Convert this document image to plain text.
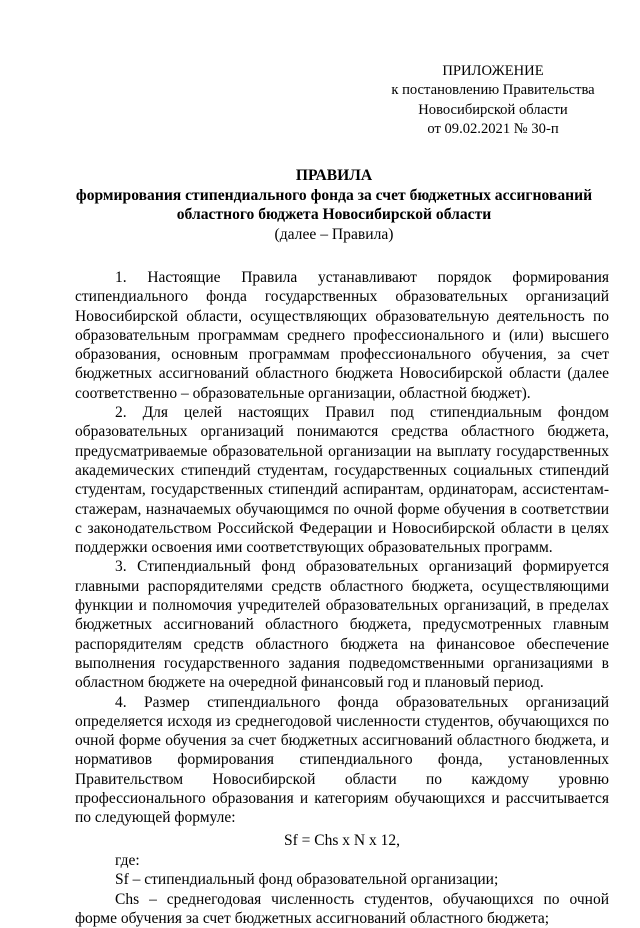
ПРИЛОЖЕНИЕ
к постановлению Правительства
Новосибирской области
от 09.02.2021 № 30-п
ПРАВИЛА
формирования стипендиального фонда за счет бюджетных ассигнований
областного бюджета Новосибирской области
(далее – Правила)

1. Настоящие Правила устанавливают порядок формирования стипендиального фонда государственных образовательных организаций Новосибирской области, осуществляющих образовательную деятельность по образовательным программам среднего профессионального и (или) высшего образования, основным программам профессионального обучения, за счет бюджетных ассигнований областного бюджета Новосибирской области (далее соответственно – образовательные организации, областной бюджет).

2. Для целей настоящих Правил под стипендиальным фондом образовательных организаций понимаются средства областного бюджета, предусматриваемые образовательной организации на выплату государственных академических стипендий студентам, государственных социальных стипендий студентам, государственных стипендий аспирантам, ординаторам, ассистентам-стажерам, назначаемых обучающимся по очной форме обучения в соответствии с законодательством Российской Федерации и Новосибирской области в целях поддержки освоения ими соответствующих образовательных программ.

3. Стипендиальный фонд образовательных организаций формируется главными распорядителями средств областного бюджета, осуществляющими функции и полномочия учредителей образовательных организаций, в пределах бюджетных ассигнований областного бюджета, предусмотренных главным распорядителям средств областного бюджета на финансовое обеспечение выполнения государственного задания подведомственными организациями в областном бюджете на очередной финансовый год и плановый период.

4. Размер стипендиального фонда образовательных организаций определяется исходя из среднегодовой численности студентов, обучающихся по очной форме обучения за счет бюджетных ассигнований областного бюджета, и нормативов формирования стипендиального фонда, установленных Правительством Новосибирской области по каждому уровню профессионального образования и категориям обучающихся и рассчитывается по следующей формуле:

Sf = Chs x N x 12,

где:

Sf – стипендиальный фонд образовательной организации;

Chs – среднегодовая численность студентов, обучающихся по очной форме обучения за счет бюджетных ассигнований областного бюджета;
